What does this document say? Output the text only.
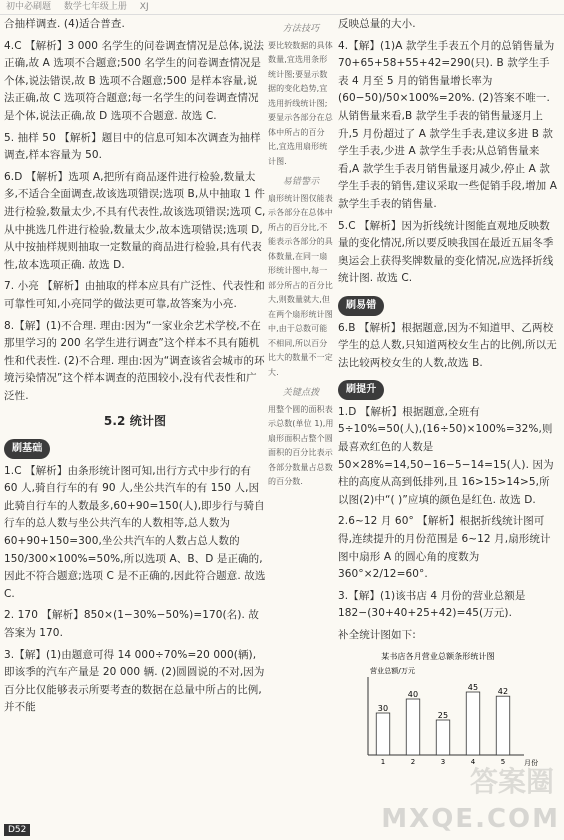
初中必刷题 数学七年级上册 XJ
合抽样调查. (4)适合普查.
4.C 【解析】3 000 名学生的问卷调查情况是总体,说法正确,故 A 选项不合题意;500 名学生的问卷调查情况是个体,说法错误,故 B 选项不合题意;500 是样本容量,说法正确,故 C 选项符合题意;每一名学生的问卷调查情况是个体,说法正确,故 D 选项不合题意. 故选 C.
5. 抽样 50 【解析】题目中的信息可知本次调查为抽样调查,样本容量为 50.
6.D 【解析】选项 A,把所有商品逐件进行检验,数量太多,不适合全面调查,故该选项错误;选项 B,从中抽取 1 件进行检验,数量太少,不具有代表性,故该选项错误;选项 C,从中挑选几件进行检验,数量太少,故本选项错误;选项 D,从中按抽样规则抽取一定数量的商品进行检验,具有代表性,故本选项正确. 故选 D.
7. 小亮 【解析】由抽取的样本应具有广泛性、代表性和可靠性可知,小亮同学的做法更可靠,故答案为小亮.
8.【解】(1)不合理. 理由:因为“一家业余艺术学校,不在那里学习的 200 名学生进行调查”这个样本不具有随机性和代表性. (2)不合理. 理由:因为“调查该省会城市的环境污染情况”这个样本调查的范围较小,没有代表性和广泛性.
5.2 统计图
刷基础
1.C 【解析】由条形统计图可知,出行方式中步行的有 60 人,骑自行车的有 90 人,坐公共汽车的有 150 人,因此骑自行车的人数最多,60+90=150(人),即步行与骑自行车的总人数与坐公共汽车的人数相等,总人数为 60+90+150=300,坐公共汽车的人数占总人数的 150/300×100%=50%,所以选项 A、B、D 是正确的,因此不符合题意;选项 C 是不正确的,因此符合题意. 故选 C.
2. 170 【解析】850×(1−30%−50%)=170(名). 故答案为 170.
3.【解】(1)由题意可得 14 000÷70%=20 000(辆),即该季的汽车产量是 20 000 辆. (2)圆圆说的不对,因为百分比仅能够表示所要考查的数据在总量中所占的比例,并不能
方法技巧
要比较数据的具体数量,宜选用条形统计图;要显示数据的变化趋势,宜选用折线统计图;要显示各部分在总体中所占的百分比,宜选用扇形统计图.
易错警示
扇形统计图仅能表示各部分在总体中所占的百分比,不能表示各部分的具体数量,在同一扇形统计图中,每一部分所占的百分比大,则数量就大,但在两个扇形统计图中,由于总数可能不相同,所以百分比大的数量不一定大.
关键点拨
用整个圆的面积表示总数(单位 1),用扇形面积占整个圆面积的百分比表示各部分数量占总数的百分数.
反映总量的大小.
4.【解】(1)A 款学生手表五个月的总销售量为 70+65+58+55+42=290(只). B 款学生手表 4 月至 5 月的销售量增长率为 (60−50)/50×100%=20%. (2)答案不唯一. 从销售量来看,B 款学生手表的销售量逐月上升,5 月份超过了 A 款学生手表,建议多进 B 款学生手表,少进 A 款学生手表;从总销售量来看,A 款学生手表月销售量逐月减少,停止 A 款学生手表的销售,建议采取一些促销手段,增加 A 款学生手表的销售量.
5.C 【解析】因为折线统计图能直观地反映数量的变化情况,所以要反映我国在最近五届冬季奥运会上获得奖牌数量的变化情况,应选择折线统计图. 故选 C.
刷易错
6.B 【解析】根据题意,因为不知道甲、乙两校学生的总人数,只知道两校女生占的比例,所以无法比较两校女生的人数,故选 B.
刷提升
1.D 【解析】根据题意,全班有 5÷10%=50(人),(16÷50)×100%=32%,则最喜欢红色的人数是 50×28%=14,50−16−5−14=15(人). 因为柱的高度从高到低排列,且 16>15>14>5,所以图(2)中“( )”应填的颜色是红色. 故选 D.
2.6~12 月 60° 【解析】根据折线统计图可得,连续提升的月份范围是 6~12 月,扇形统计图中扇形 A 的圆心角的度数为 360°×2/12=60°.
3.【解】(1)该书店 4 月份的营业总额是 182−(30+40+25+42)=45(万元).
补全统计图如下:
某书店各月营业总额条形统计图
营业总额/万元
月份
30
1
40
2
25
3
45
4
42
5
答案圈
MXQE.COM
D52
